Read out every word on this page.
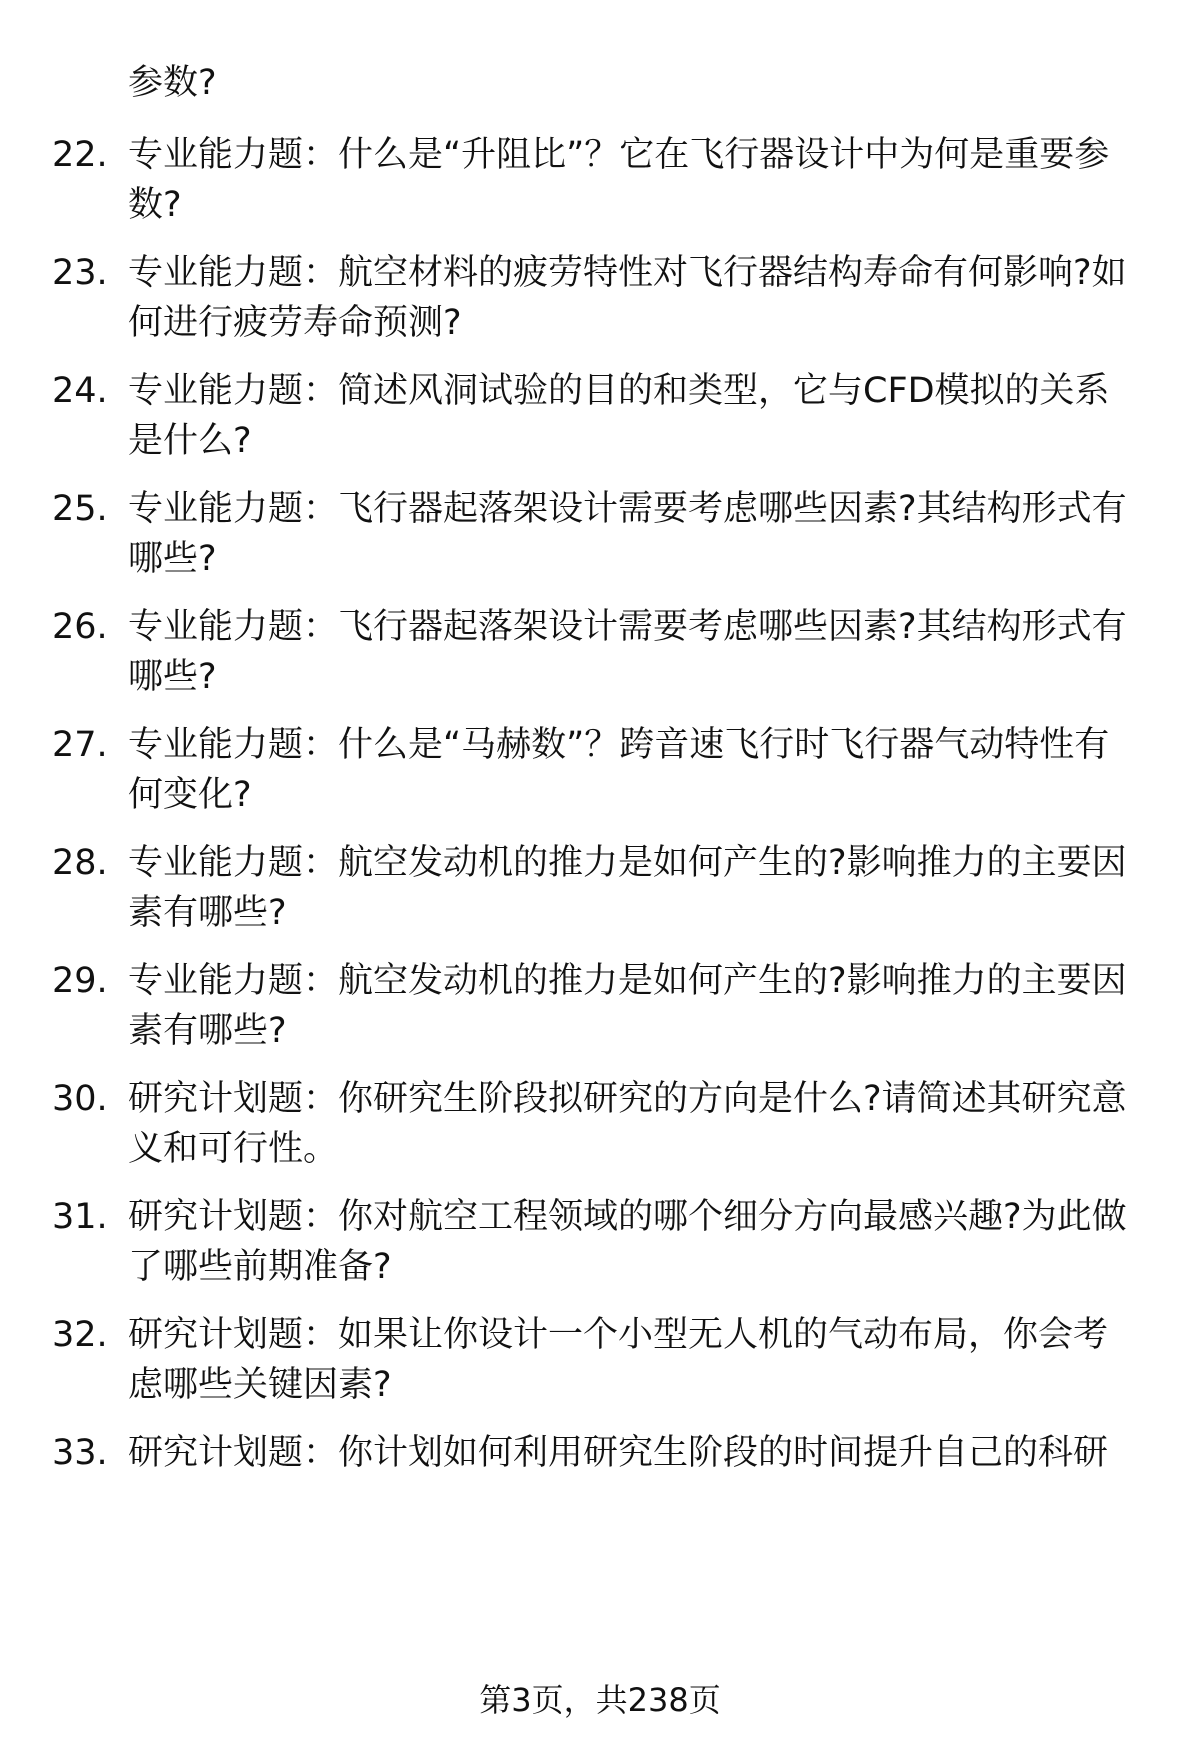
参数?
22. 专业能力题：什么是“升阻比”？它在飞行器设计中为何是重要参数?
23. 专业能力题：航空材料的疲劳特性对飞行器结构寿命有何影响?如何进行疲劳寿命预测?
24. 专业能力题：简述风洞试验的目的和类型，它与CFD模拟的关系是什么?
25. 专业能力题：飞行器起落架设计需要考虑哪些因素?其结构形式有哪些?
26. 专业能力题：飞行器起落架设计需要考虑哪些因素?其结构形式有哪些?
27. 专业能力题：什么是“马赫数”？跨音速飞行时飞行器气动特性有何变化?
28. 专业能力题：航空发动机的推力是如何产生的?影响推力的主要因素有哪些?
29. 专业能力题：航空发动机的推力是如何产生的?影响推力的主要因素有哪些?
30. 研究计划题：你研究生阶段拟研究的方向是什么?请简述其研究意义和可行性。
31. 研究计划题：你对航空工程领域的哪个细分方向最感兴趣?为此做了哪些前期准备?
32. 研究计划题：如果让你设计一个小型无人机的气动布局，你会考虑哪些关键因素?
33. 研究计划题：你计划如何利用研究生阶段的时间提升自己的科研
第3页，共238页
